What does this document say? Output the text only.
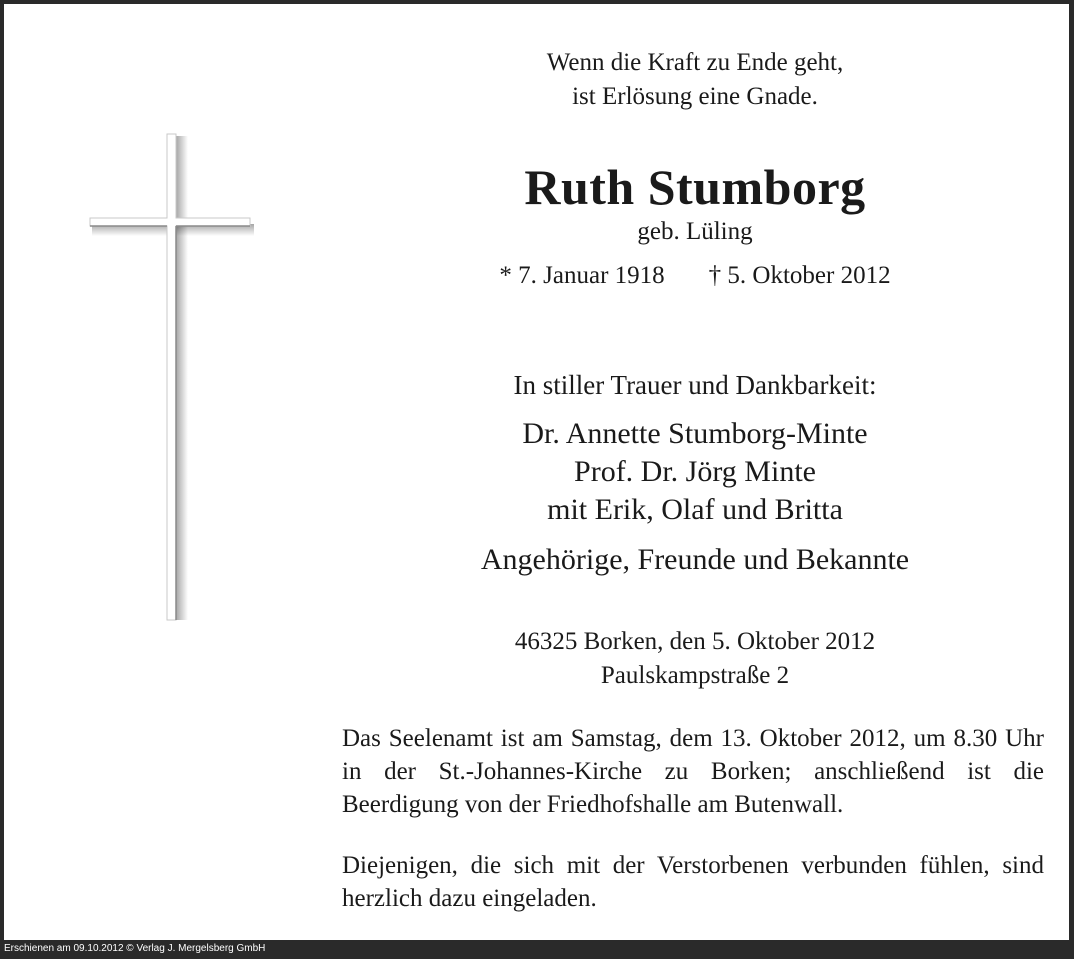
Wenn die Kraft zu Ende geht,
ist Erlösung eine Gnade.
Ruth Stumborg
geb. Lüling
* 7. Januar 1918 † 5. Oktober 2012
In stiller Trauer und Dankbarkeit:
Dr. Annette Stumborg-Minte
Prof. Dr. Jörg Minte
mit Erik, Olaf und Britta
Angehörige, Freunde und Bekannte
46325 Borken, den 5. Oktober 2012
Paulskampstraße 2
Das Seelenamt ist am Samstag, dem 13. Oktober 2012, um 8.30 Uhr in der St.-Johannes-Kirche zu Borken; anschließend ist die Beerdigung von der Friedhofshalle am Butenwall.
Diejenigen, die sich mit der Verstorbenen verbunden fühlen, sind herzlich dazu eingeladen.
Erschienen am 09.10.2012 © Verlag J. Mergelsberg GmbH
